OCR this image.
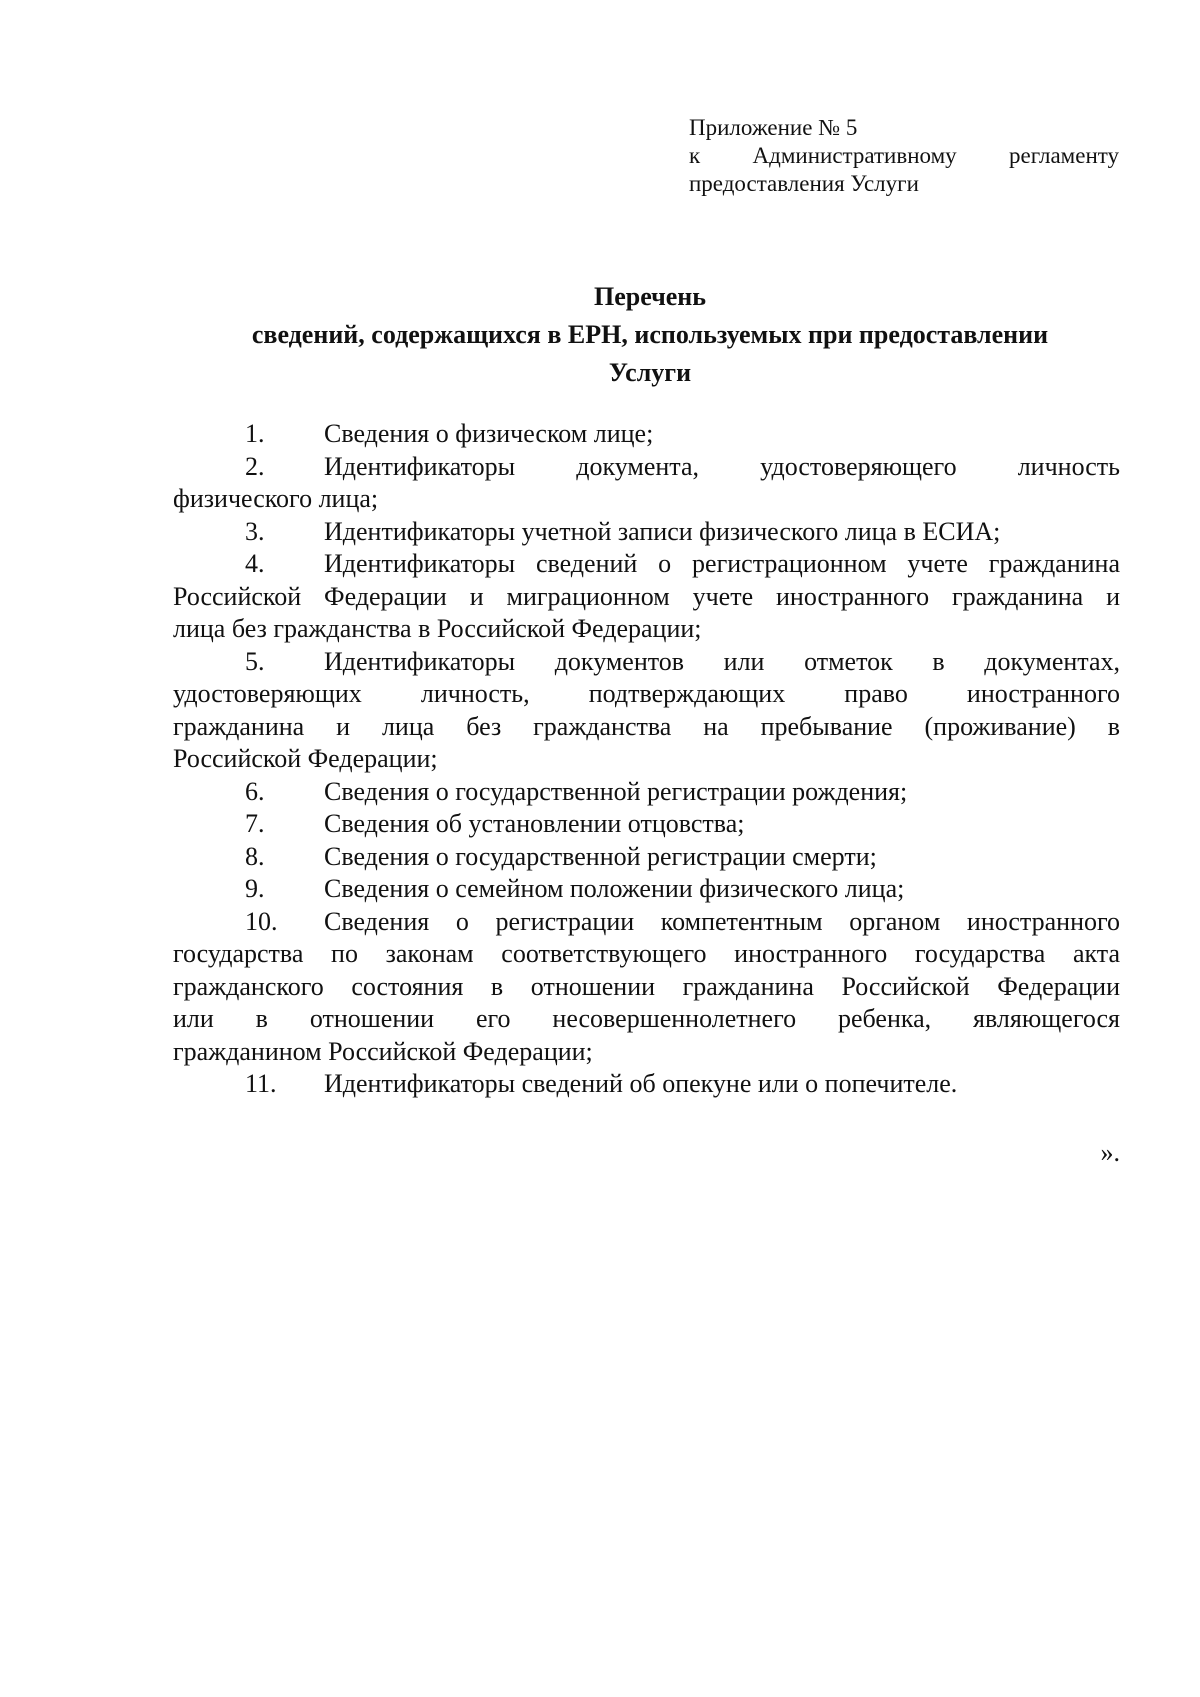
Приложение № 5
к Административному регламенту
предоставления Услуги
Перечень
сведений, содержащихся в ЕРН, используемых при предоставлении
Услуги
1. Сведения о физическом лице;
2. Идентификаторы документа, удостоверяющего личность
физического лица;
3. Идентификаторы учетной записи физического лица в ЕСИА;
4. Идентификаторы сведений о регистрационном учете гражданина
Российской Федерации и миграционном учете иностранного гражданина и
лица без гражданства в Российской Федерации;
5. Идентификаторы документов или отметок в документах,
удостоверяющих личность, подтверждающих право иностранного
гражданина и лица без гражданства на пребывание (проживание) в
Российской Федерации;
6. Сведения о государственной регистрации рождения;
7. Сведения об установлении отцовства;
8. Сведения о государственной регистрации смерти;
9. Сведения о семейном положении физического лица;
10. Сведения о регистрации компетентным органом иностранного
государства по законам соответствующего иностранного государства акта
гражданского состояния в отношении гражданина Российской Федерации
или в отношении его несовершеннолетнего ребенка, являющегося
гражданином Российской Федерации;
11. Идентификаторы сведений об опекуне или о попечителе.
».
